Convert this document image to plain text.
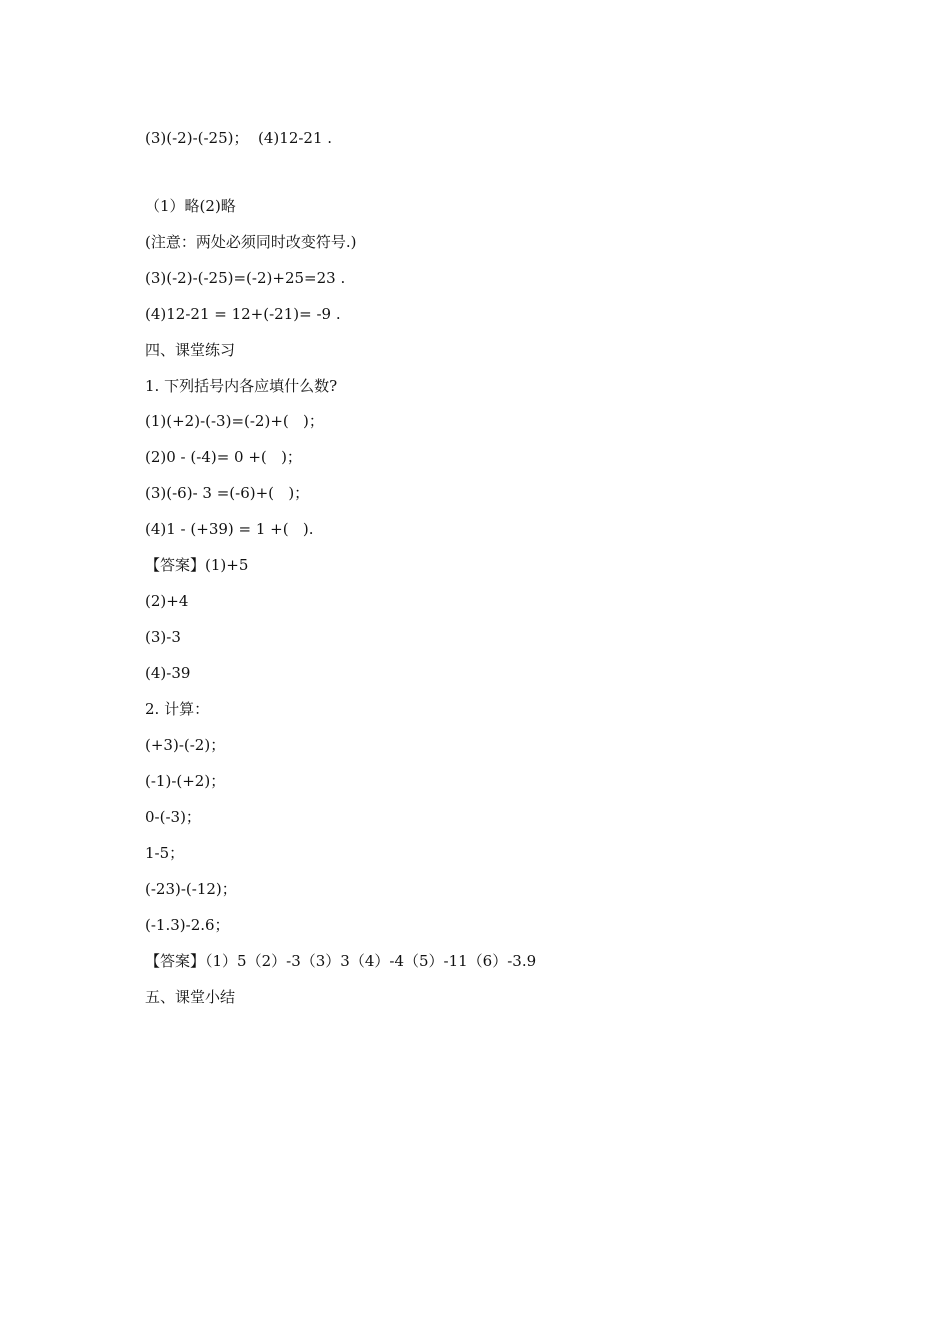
(3)(-2)-(-25)；  (4)12-21 .
（1）略(2)略
(注意：两处必须同时改变符号.)
(3)(-2)-(-25)=(-2)+25=23 .
(4)12-21 = 12+(-21)= -9 .
四、课堂练习
1. 下列括号内各应填什么数?
(1)(+2)-(-3)=(-2)+(   )；
(2)0 - (-4)= 0 +(   )；
(3)(-6)- 3 =(-6)+(   )；
(4)1 - (+39) = 1 +(   ).
【答案】(1)+5
(2)+4
(3)-3
(4)-39
2. 计算：
(+3)-(-2)；
(-1)-(+2)；
0-(-3)；
1-5；
(-23)-(-12)；
(-1.3)-2.6；
【答案】（1）5（2）-3（3）3（4）-4（5）-11（6）-3.9
五、课堂小结
